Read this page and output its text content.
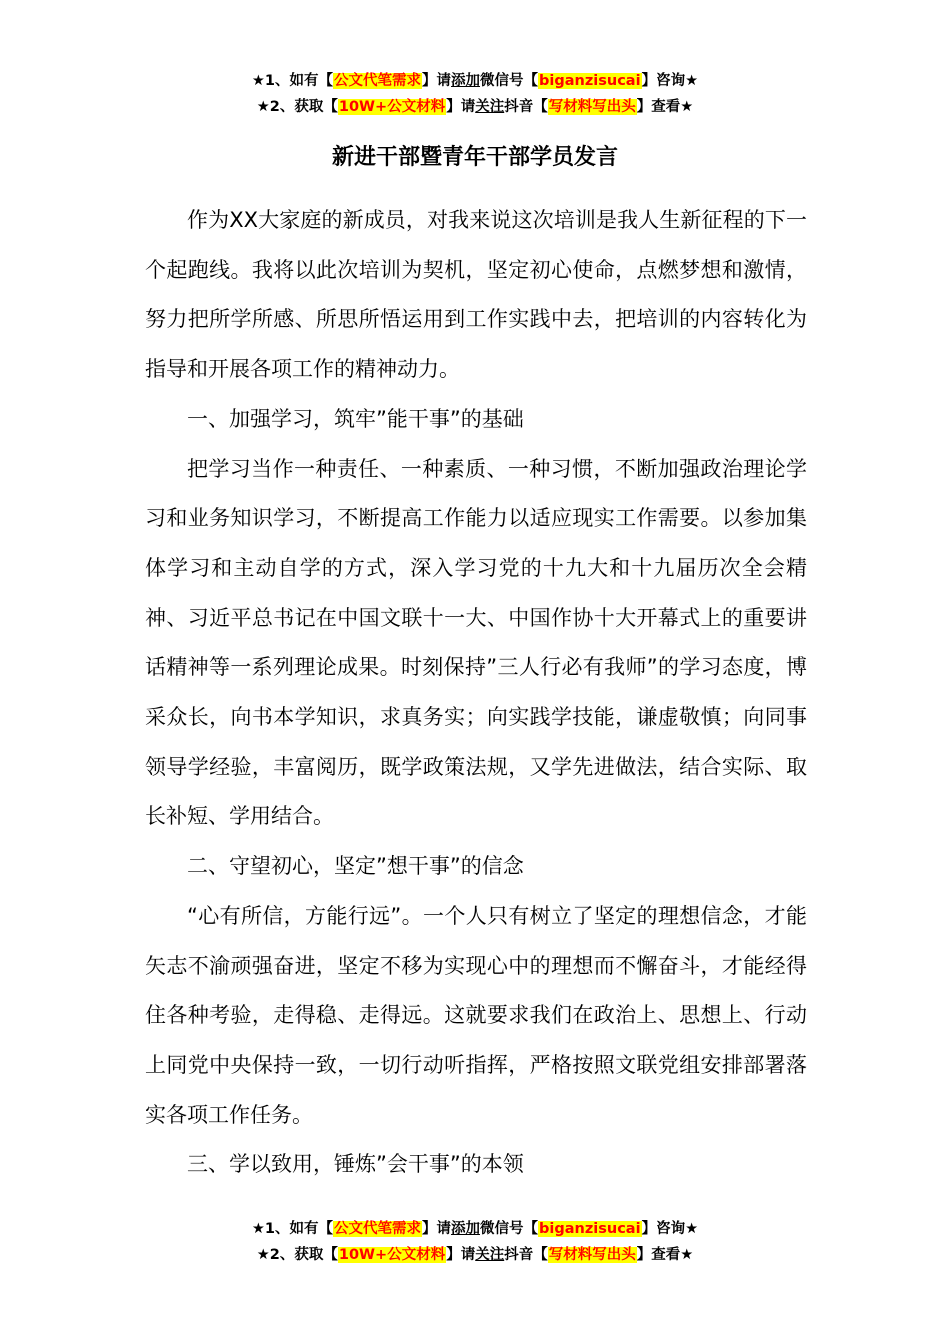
★1、如有【公文代笔需求】请添加微信号【biganzisucai】咨询★
★2、获取【10W+公文材料】请关注抖音【写材料写出头】查看★
新进干部暨青年干部学员发言

作为XX大家庭的新成员，对我来说这次培训是我人生新征程的下一个起跑线。我将以此次培训为契机，坚定初心使命，点燃梦想和激情，努力把所学所感、所思所悟运用到工作实践中去，把培训的内容转化为指导和开展各项工作的精神动力。

一、加强学习，筑牢”能干事”的基础

把学习当作一种责任、一种素质、一种习惯，不断加强政治理论学习和业务知识学习，不断提高工作能力以适应现实工作需要。以参加集体学习和主动自学的方式，深入学习党的十九大和十九届历次全会精神、习近平总书记在中国文联十一大、中国作协十大开幕式上的重要讲话精神等一系列理论成果。时刻保持”三人行必有我师”的学习态度，博采众长，向书本学知识，求真务实；向实践学技能，谦虚敬慎；向同事领导学经验，丰富阅历，既学政策法规，又学先进做法，结合实际、取长补短、学用结合。

二、守望初心，坚定”想干事”的信念

“心有所信，方能行远”。一个人只有树立了坚定的理想信念，才能矢志不渝顽强奋进，坚定不移为实现心中的理想而不懈奋斗，才能经得住各种考验，走得稳、走得远。这就要求我们在政治上、思想上、行动上同党中央保持一致，一切行动听指挥，严格按照文联党组安排部署落实各项工作任务。

三、学以致用，锤炼”会干事”的本领

★1、如有【公文代笔需求】请添加微信号【biganzisucai】咨询★
★2、获取【10W+公文材料】请关注抖音【写材料写出头】查看★
